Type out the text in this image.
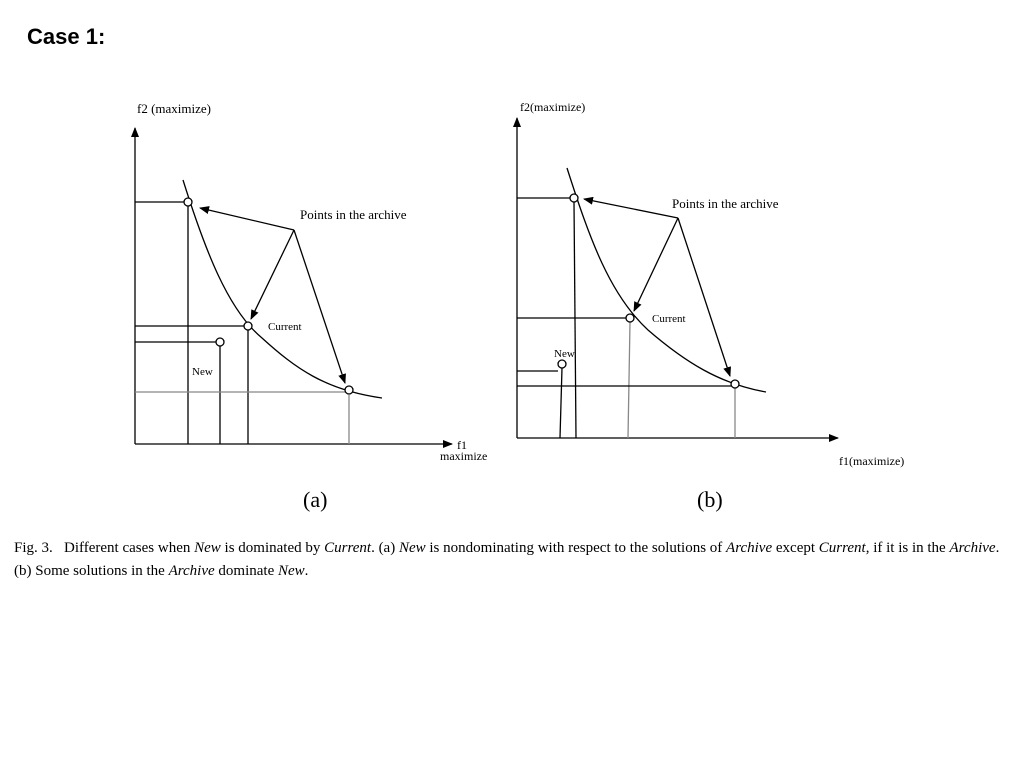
Case 1:
f2 (maximize)
Points in the archive
Current
New
f1
maximize
(a)
f2(maximize)
Points in the archive
Current
New
f1(maximize)
(b)
Fig. 3. Different cases when New is dominated by Current. (a) New is nondominating with respect to the solutions of Archive except Current, if it is in the Archive.
(b) Some solutions in the Archive dominate New.
